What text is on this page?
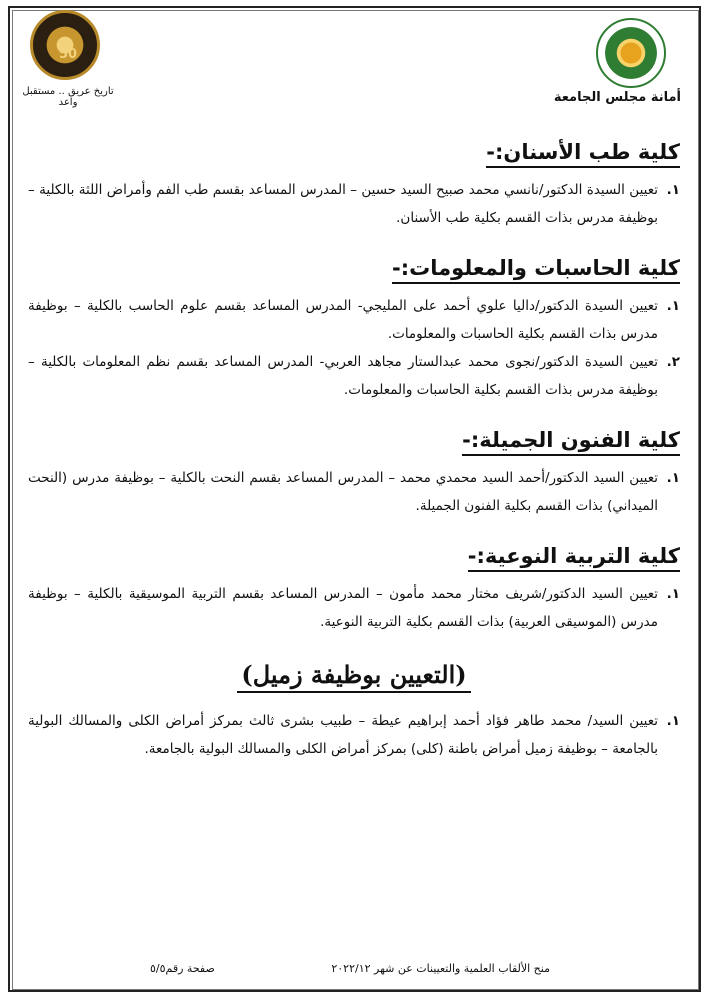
50
تاريخ عريق .. مستقبل واعد	أمانة مجلس الجامعة
كلية طب الأسنان:-
١.
تعيين السيدة الدكتور/نانسي محمد صبيح السيد حسين – المدرس المساعد بقسم طب الفم وأمراض اللثة بالكلية – بوظيفة مدرس بذات القسم بكلية طب الأسنان.
كلية الحاسبات والمعلومات:-
١.
تعيين السيدة الدكتور/داليا علوي أحمد على المليجي- المدرس المساعد بقسم علوم الحاسب بالكلية – بوظيفة مدرس بذات القسم بكلية الحاسبات والمعلومات.
٢.
تعيين السيدة الدكتور/نجوى محمد عبدالستار مجاهد العربي- المدرس المساعد بقسم نظم المعلومات بالكلية – بوظيفة مدرس بذات القسم بكلية الحاسبات والمعلومات.
كلية الفنون الجميلة:-
١.
تعيين السيد الدكتور/أحمد السيد محمدي محمد – المدرس المساعد بقسم النحت بالكلية – بوظيفة مدرس (النحت الميداني) بذات القسم بكلية الفنون الجميلة.
كلية التربية النوعية:-
١.
تعيين السيد الدكتور/شريف مختار محمد مأمون – المدرس المساعد بقسم التربية الموسيقية بالكلية – بوظيفة مدرس (الموسيقى العربية) بذات القسم بكلية التربية النوعية.
(التعيين بوظيفة زميل)
١.
تعيين السيد/ محمد طاهر فؤاد أحمد إبراهيم عيطة – طبيب بشرى ثالث بمركز أمراض الكلى والمسالك البولية بالجامعة – بوظيفة زميل أمراض باطنة (كلى) بمركز أمراض الكلى والمسالك البولية بالجامعة.
منح الألقاب العلمية والتعيينات عن شهر ٢٠٢٢/١٢
صفحة رقم٥/٥
